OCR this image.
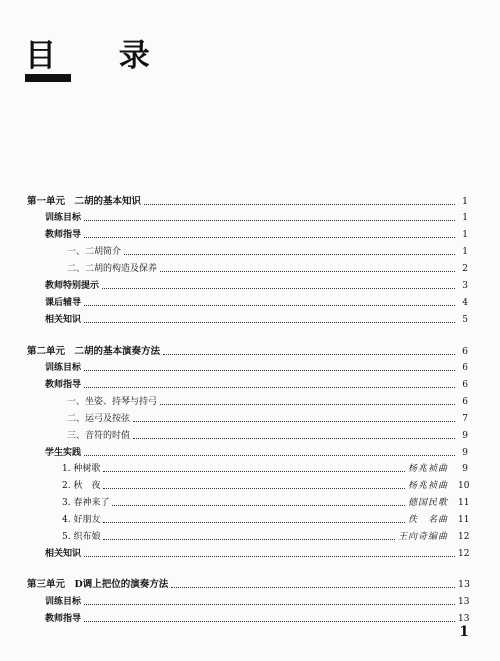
目 录
第一单元　二胡的基本知识	1
训练目标	1
教师指导	1
一、二胡简介	1
二、二胡的构造及保养	2
教师特别提示	3
课后辅导	4
相关知识	5
第二单元　二胡的基本演奏方法	6
训练目标	6
教师指导	6
一、坐姿、持琴与持弓	6
二、运弓及按弦	7
三、音符的时值	9
学生实践	9
1. 种树歌	杨兆祯曲	9
2. 秋　夜	杨兆祯曲 10
3. 春神来了	德国民歌 11
4. 好朋友	佚　名曲 11
5. 织布娘	王向奇编曲 12
相关知识	12
第三单元　D调上把位的演奏方法	13
训练目标	13
教师指导	13
1
